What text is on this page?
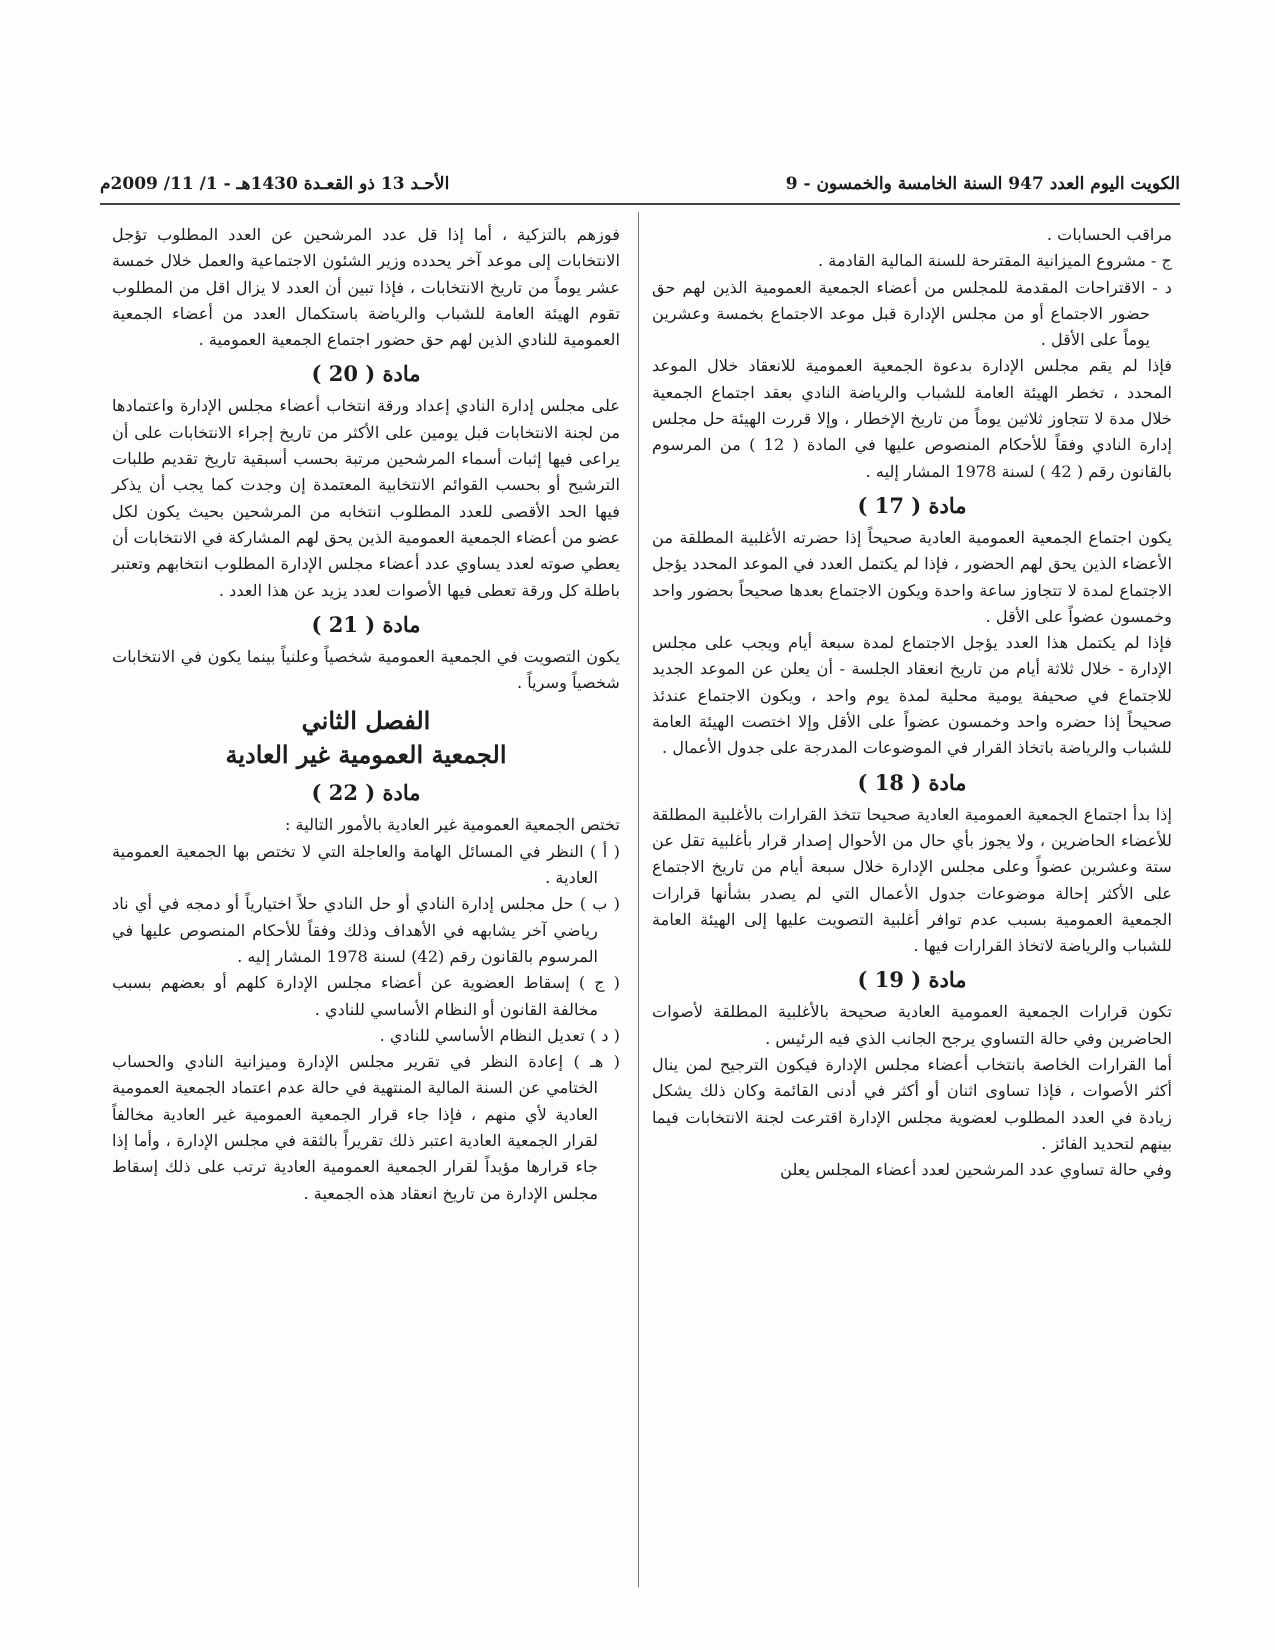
الكويت اليوم العدد 947 السنة الخامسة والخمسون - 9
الأحـد 13 ذو القعـدة 1430هـ - 1/ 11/ 2009م

مراقب الحسابات .

ج - مشروع الميزانية المقترحة للسنة المالية القادمة .

د - الاقتراحات المقدمة للمجلس من أعضاء الجمعية العمومية الذين لهم حق حضور الاجتماع أو من مجلس الإدارة قبل موعد الاجتماع بخمسة وعشرين يوماً على الأقل .

فإذا لم يقم مجلس الإدارة بدعوة الجمعية العمومية للانعقاد خلال الموعد المحدد ، تخطر الهيئة العامة للشباب والرياضة النادي بعقد اجتماع الجمعية خلال مدة لا تتجاوز ثلاثين يوماً من تاريخ الإخطار ، وإلا قررت الهيئة حل مجلس إدارة النادي وفقاً للأحكام المنصوص عليها في المادة ( 12 ) من المرسوم بالقانون رقم ( 42 ) لسنة 1978 المشار إليه .

مادة ( 17 )

يكون اجتماع الجمعية العمومية العادية صحيحاً إذا حضرته الأغلبية المطلقة من الأعضاء الذين يحق لهم الحضور ، فإذا لم يكتمل العدد في الموعد المحدد يؤجل الاجتماع لمدة لا تتجاوز ساعة واحدة ويكون الاجتماع بعدها صحيحاً بحضور واحد وخمسون عضواً على الأقل .

فإذا لم يكتمل هذا العدد يؤجل الاجتماع لمدة سبعة أيام ويجب على مجلس الإدارة - خلال ثلاثة أيام من تاريخ انعقاد الجلسة - أن يعلن عن الموعد الجديد للاجتماع في صحيفة يومية محلية لمدة يوم واحد ، ويكون الاجتماع عندئذ صحيحاً إذا حضره واحد وخمسون عضواً على الأقل وإلا اختصت الهيئة العامة للشباب والرياضة باتخاذ القرار في الموضوعات المدرجة على جدول الأعمال .

مادة ( 18 )

إذا بدأ اجتماع الجمعية العمومية العادية صحيحا تتخذ القرارات بالأغلبية المطلقة للأعضاء الحاضرين ، ولا يجوز بأي حال من الأحوال إصدار قرار بأغلبية تقل عن ستة وعشرين عضواً وعلى مجلس الإدارة خلال سبعة أيام من تاريخ الاجتماع على الأكثر إحالة موضوعات جدول الأعمال التي لم يصدر بشأنها قرارات الجمعية العمومية بسبب عدم توافر أغلبية التصويت عليها إلى الهيئة العامة للشباب والرياضة لاتخاذ القرارات فيها .

مادة ( 19 )

تكون قرارات الجمعية العمومية العادية صحيحة بالأغلبية المطلقة لأصوات الحاضرين وفي حالة التساوي يرجح الجانب الذي فيه الرئيس .

أما القرارات الخاصة بانتخاب أعضاء مجلس الإدارة فيكون الترجيح لمن ينال أكثر الأصوات ، فإذا تساوى اثنان أو أكثر في أدنى القائمة وكان ذلك يشكل زيادة في العدد المطلوب لعضوية مجلس الإدارة اقترعت لجنة الانتخابات فيما بينهم لتحديد الفائز .

وفي حالة تساوي عدد المرشحين لعدد أعضاء المجلس يعلن

فوزهم بالتزكية ، أما إذا قل عدد المرشحين عن العدد المطلوب تؤجل الانتخابات إلى موعد آخر يحدده وزير الشئون الاجتماعية والعمل خلال خمسة عشر يوماً من تاريخ الانتخابات ، فإذا تبين أن العدد لا يزال اقل من المطلوب تقوم الهيئة العامة للشباب والرياضة باستكمال العدد من أعضاء الجمعية العمومية للنادي الذين لهم حق حضور اجتماع الجمعية العمومية .

مادة ( 20 )

على مجلس إدارة النادي إعداد ورقة انتخاب أعضاء مجلس الإدارة واعتمادها من لجنة الانتخابات قبل يومين على الأكثر من تاريخ إجراء الانتخابات على أن يراعى فيها إثبات أسماء المرشحين مرتبة بحسب أسبقية تاريخ تقديم طلبات الترشيح أو بحسب القوائم الانتخابية المعتمدة إن وجدت كما يجب أن يذكر فيها الحد الأقصى للعدد المطلوب انتخابه من المرشحين بحيث يكون لكل عضو من أعضاء الجمعية العمومية الذين يحق لهم المشاركة في الانتخابات أن يعطي صوته لعدد يساوي عدد أعضاء مجلس الإدارة المطلوب انتخابهم وتعتبر باطلة كل ورقة تعطى فيها الأصوات لعدد يزيد عن هذا العدد .

مادة ( 21 )

يكون التصويت في الجمعية العمومية شخصياً وعلنياً بينما يكون في الانتخابات شخصياً وسرياً .

الفصل الثاني
الجمعية العمومية غير العادية
مادة ( 22 )

تختص الجمعية العمومية غير العادية بالأمور التالية :

( أ ) النظر في المسائل الهامة والعاجلة التي لا تختص بها الجمعية العمومية العادية .

( ب ) حل مجلس إدارة النادي أو حل النادي حلاً اختيارياً أو دمجه في أي ناد رياضي آخر يشابهه في الأهداف وذلك وفقاً للأحكام المنصوص عليها في المرسوم بالقانون رقم (42) لسنة 1978 المشار إليه .

( ج ) إسقاط العضوية عن أعضاء مجلس الإدارة كلهم أو بعضهم بسبب مخالفة القانون أو النظام الأساسي للنادي .

( د ) تعديل النظام الأساسي للنادي .

( هـ ) إعادة النظر في تقرير مجلس الإدارة وميزانية النادي والحساب الختامي عن السنة المالية المنتهية في حالة عدم اعتماد الجمعية العمومية العادية لأي منهم ، فإذا جاء قرار الجمعية العمومية غير العادية مخالفاً لقرار الجمعية العادية اعتبر ذلك تقريراً بالثقة في مجلس الإدارة ، وأما إذا جاء قرارها مؤيداً لقرار الجمعية العمومية العادية ترتب على ذلك إسقاط مجلس الإدارة من تاريخ انعقاد هذه الجمعية .
